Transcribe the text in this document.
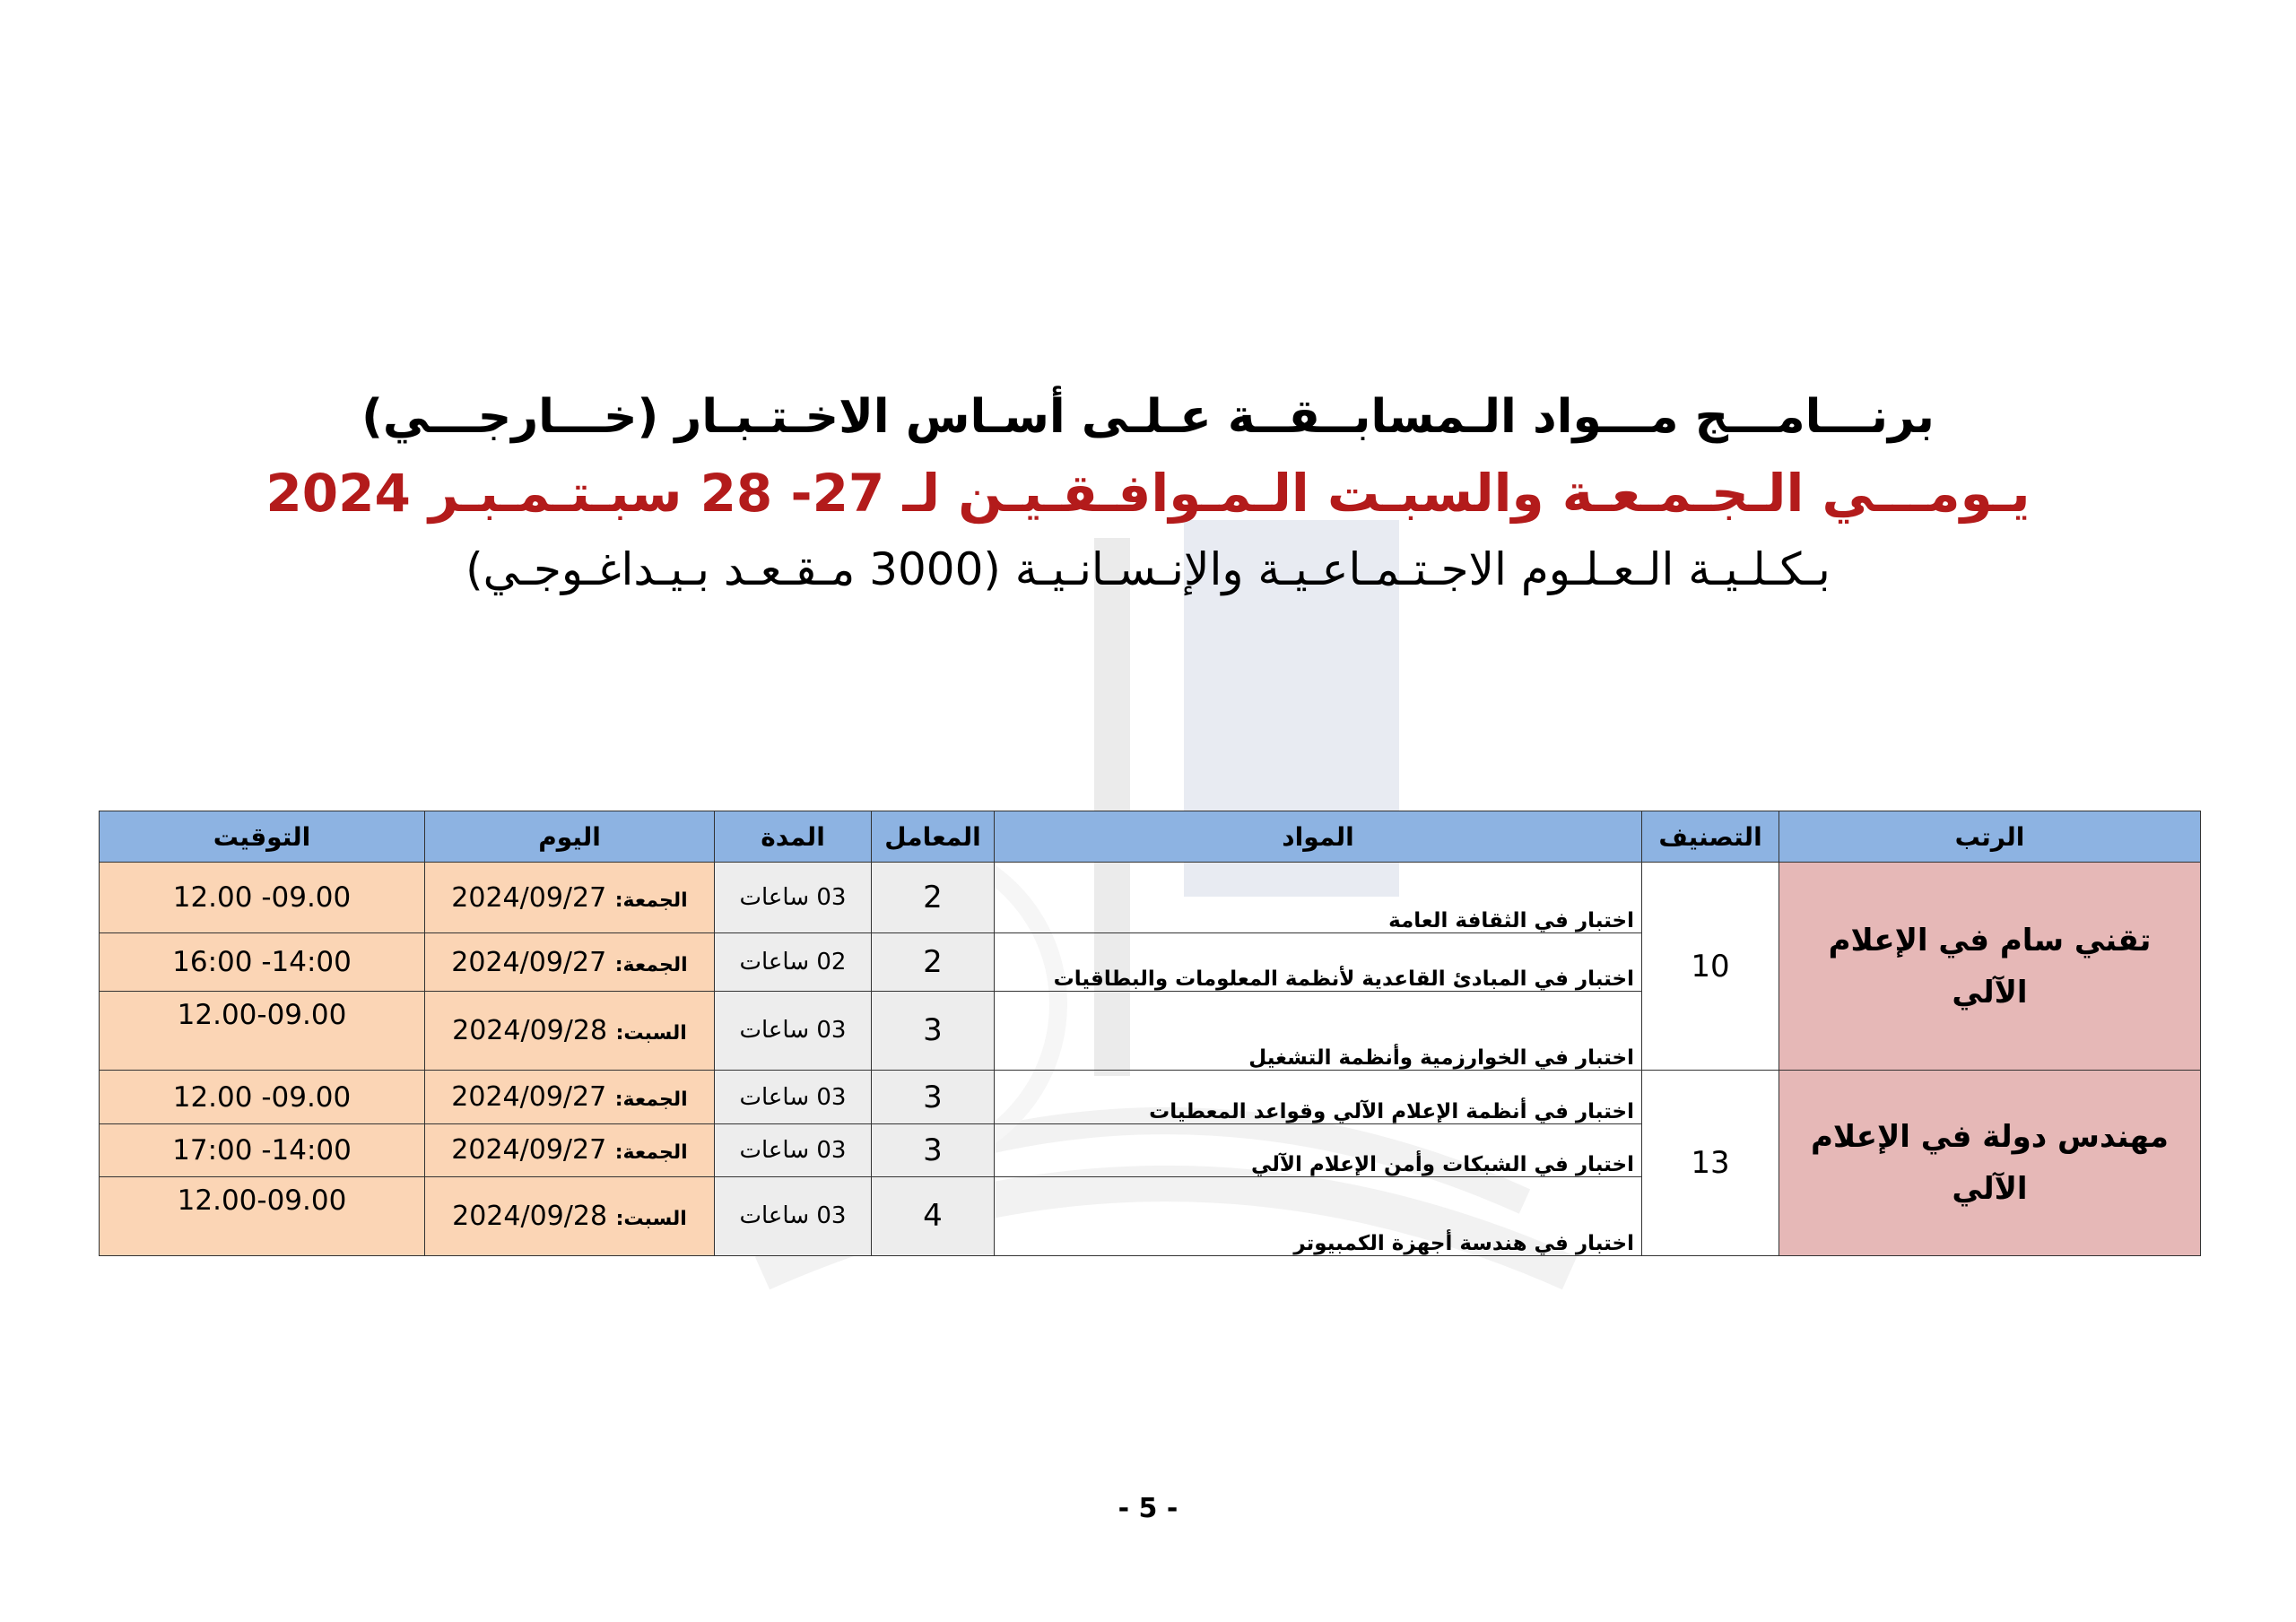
برنـــامـــج مـــواد الـمسابــقــة عـلـى أسـاس الاخـتـبـار (خـــارجـــي)
يـومـــي الـجـمـعـة والسبـت الـمـوافـقـيـن لـ 27- 28 سبـتـمـبـر 2024
بـكـلـيـة الـعـلـوم الاجـتـمـاعـيـة والإنـسـانـيـة (3000 مـقـعـد بـيـداغـوجـي)
الرتب	التصنيف	المواد	المعامل	المدة	اليوم	التوقيت
تقني سام في الإعلام الآلي	10	اختبار في الثقافة العامة	2	03 ساعات	الجمعة: 2024/09/27	12.00 -09.00
		اختبار في المبادئ القاعدية لأنظمة المعلومات والبطاقيات	2	02 ساعات	الجمعة: 2024/09/27	16:00 -14:00
		اختبار في الخوارزمية وأنظمة التشغيل	3	03 ساعات	السبت: 2024/09/28	12.00-09.00
مهندس دولة في الإعلام الآلي	13	اختبار في أنظمة الإعلام الآلي وقواعد المعطيات	3	03 ساعات	الجمعة: 2024/09/27	12.00 -09.00
		اختبار في الشبكات وأمن الإعلام الآلي	3	03 ساعات	الجمعة: 2024/09/27	17:00 -14:00
		اختبار في هندسة أجهزة الكمبيوتر	4	03 ساعات	السبت: 2024/09/28	12.00-09.00
- 5 -
